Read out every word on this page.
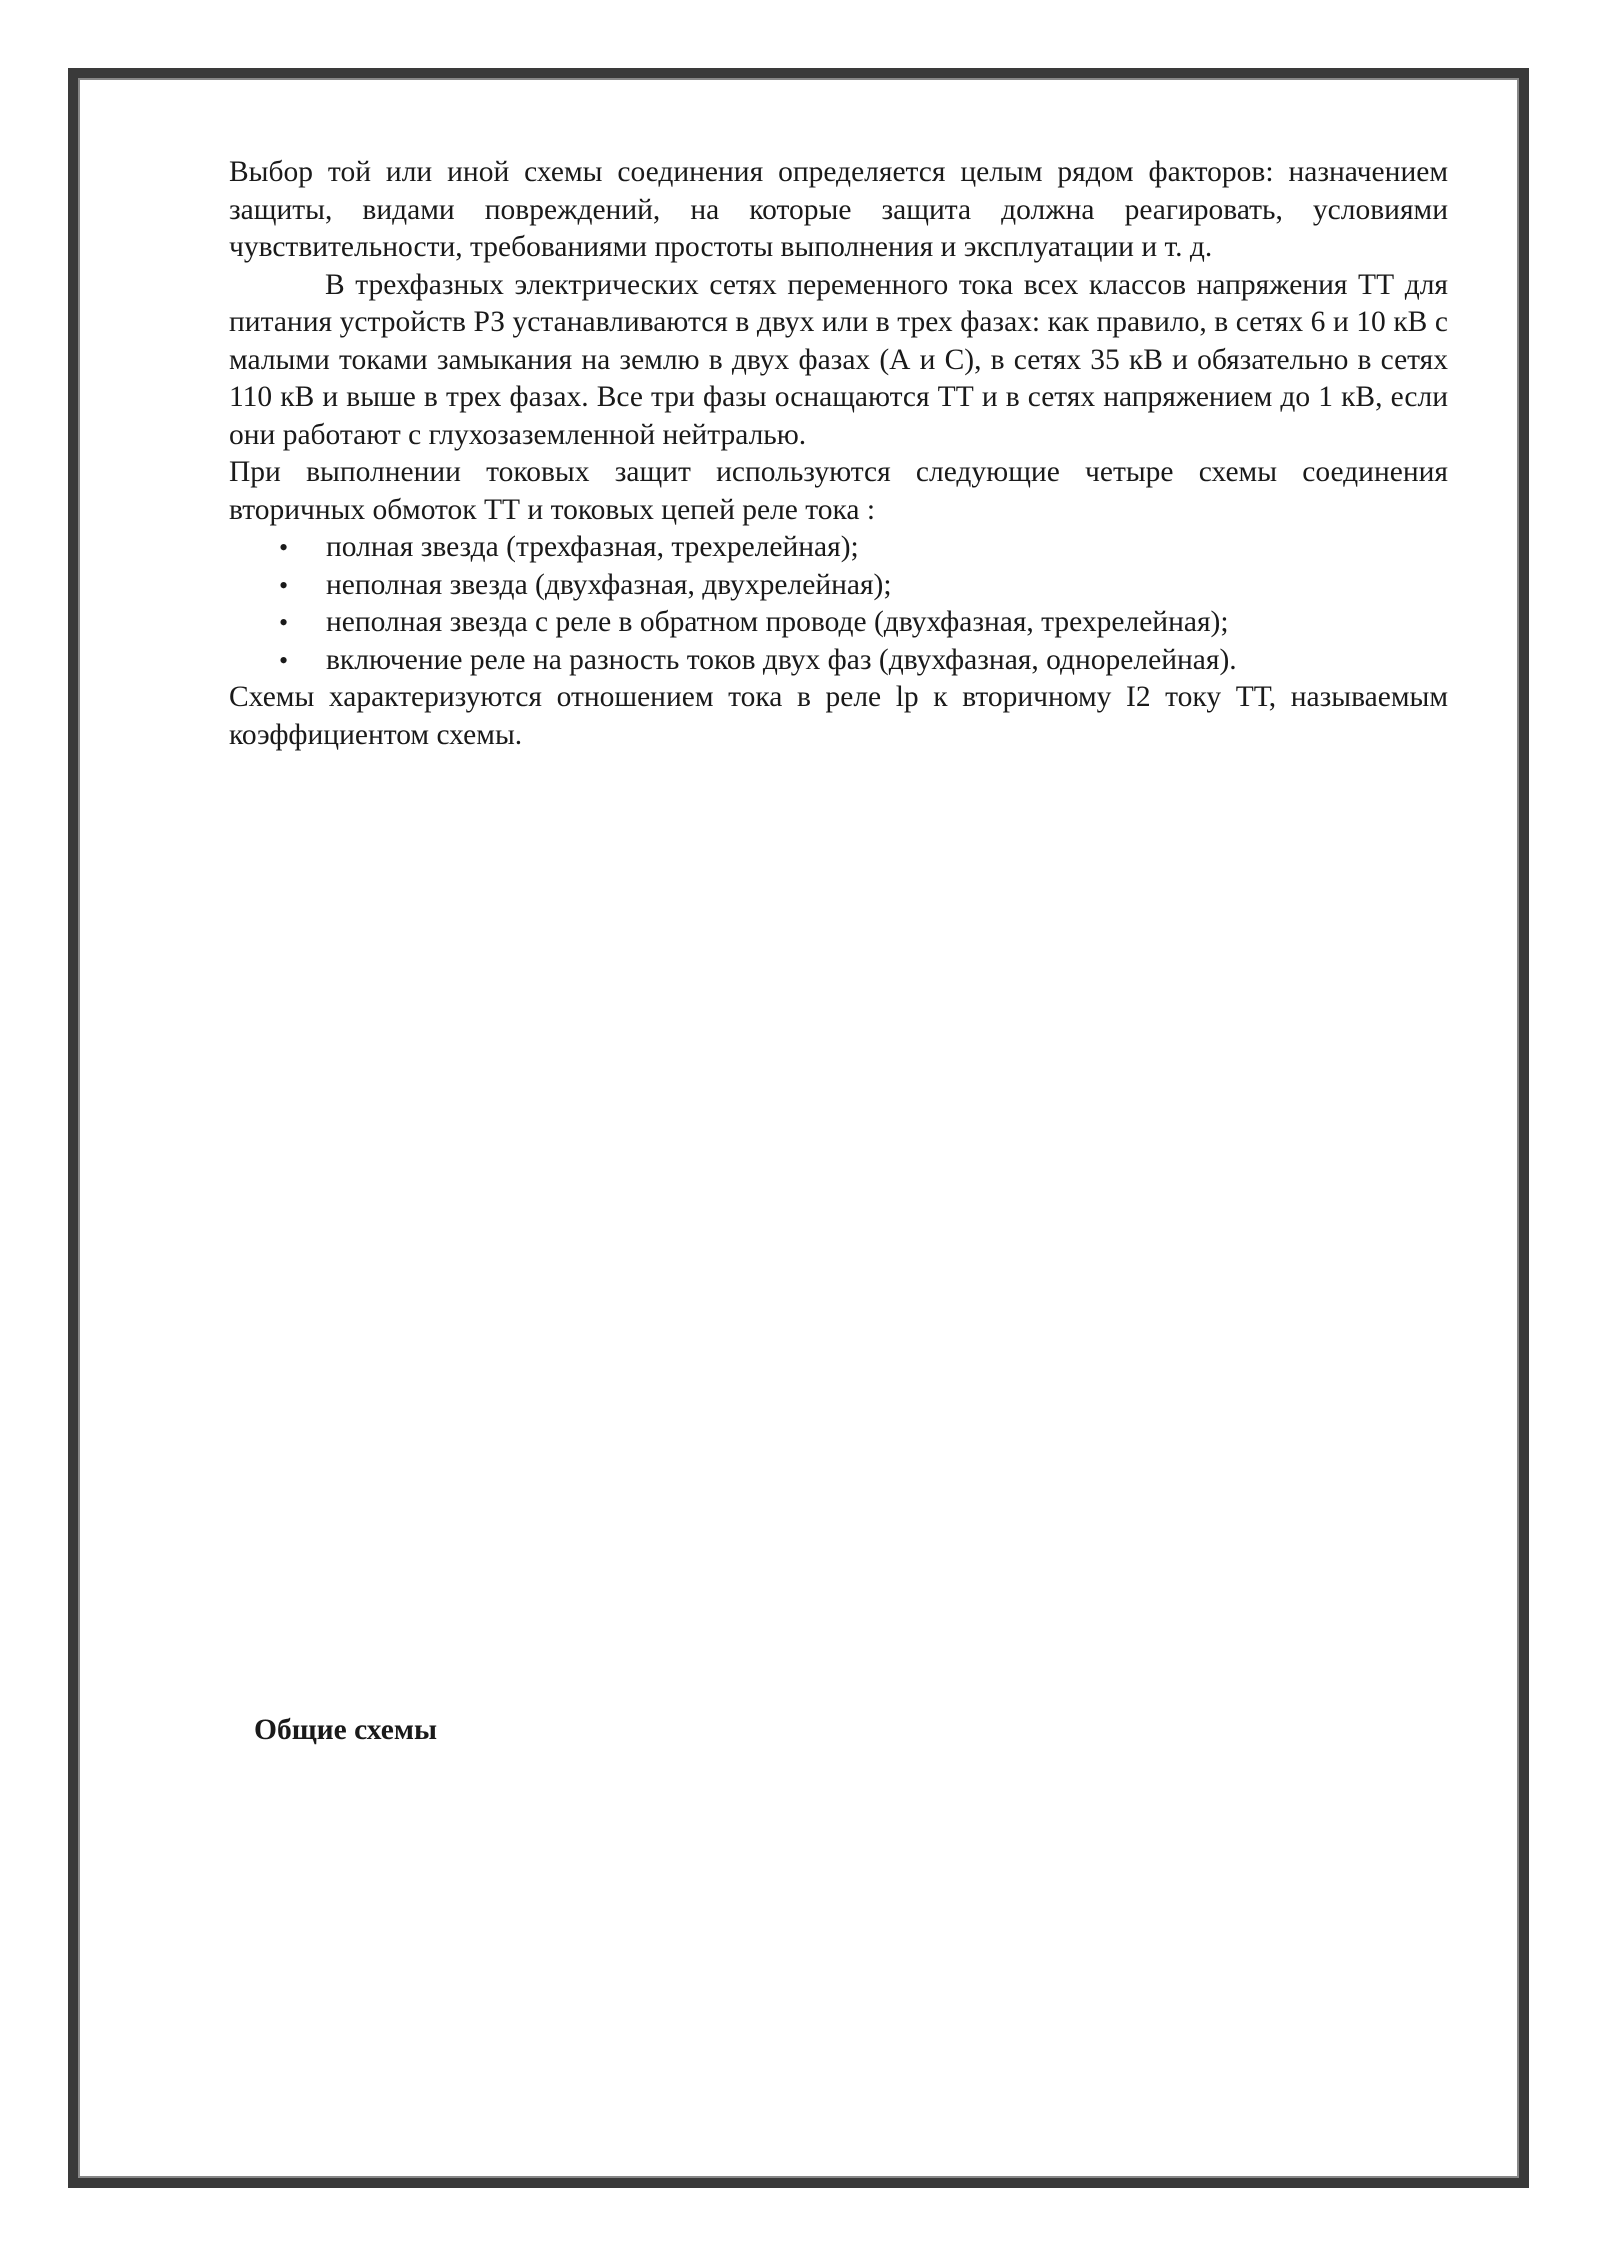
Выбор той или иной схемы соединения определяется целым рядом факторов: назначением защиты, видами повреждений, на которые защита должна реагировать, условиями чувствительности, требованиями простоты выполнения и эксплуатации и т. д.

В трехфазных электрических сетях переменного тока всех классов напряжения ТТ для питания устройств РЗ устанавливаются в двух или в трех фазах: как правило, в сетях 6 и 10 кВ с малыми токами замыкания на землю в двух фазах (А и С), в сетях 35 кВ и обязательно в сетях 110 кВ и выше в трех фазах. Все три фазы оснащаются ТТ и в сетях напряжением до 1 кВ, если они работают с глухозаземленной нейтралью.

При выполнении токовых защит используются следующие четыре схемы соединения вторичных обмоток ТТ и токовых цепей реле тока :

• полная звезда (трехфазная, трехрелейная);
• неполная звезда (двухфазная, двухрелейная);
• неполная звезда с реле в обратном проводе (двухфазная, трехрелейная);
• включение реле на разность токов двух фаз (двухфазная, однорелейная).

Схемы характеризуются отношением тока в реле lр к вторичному I2 току ТТ, называемым коэффициентом схемы.

Общие схемы
